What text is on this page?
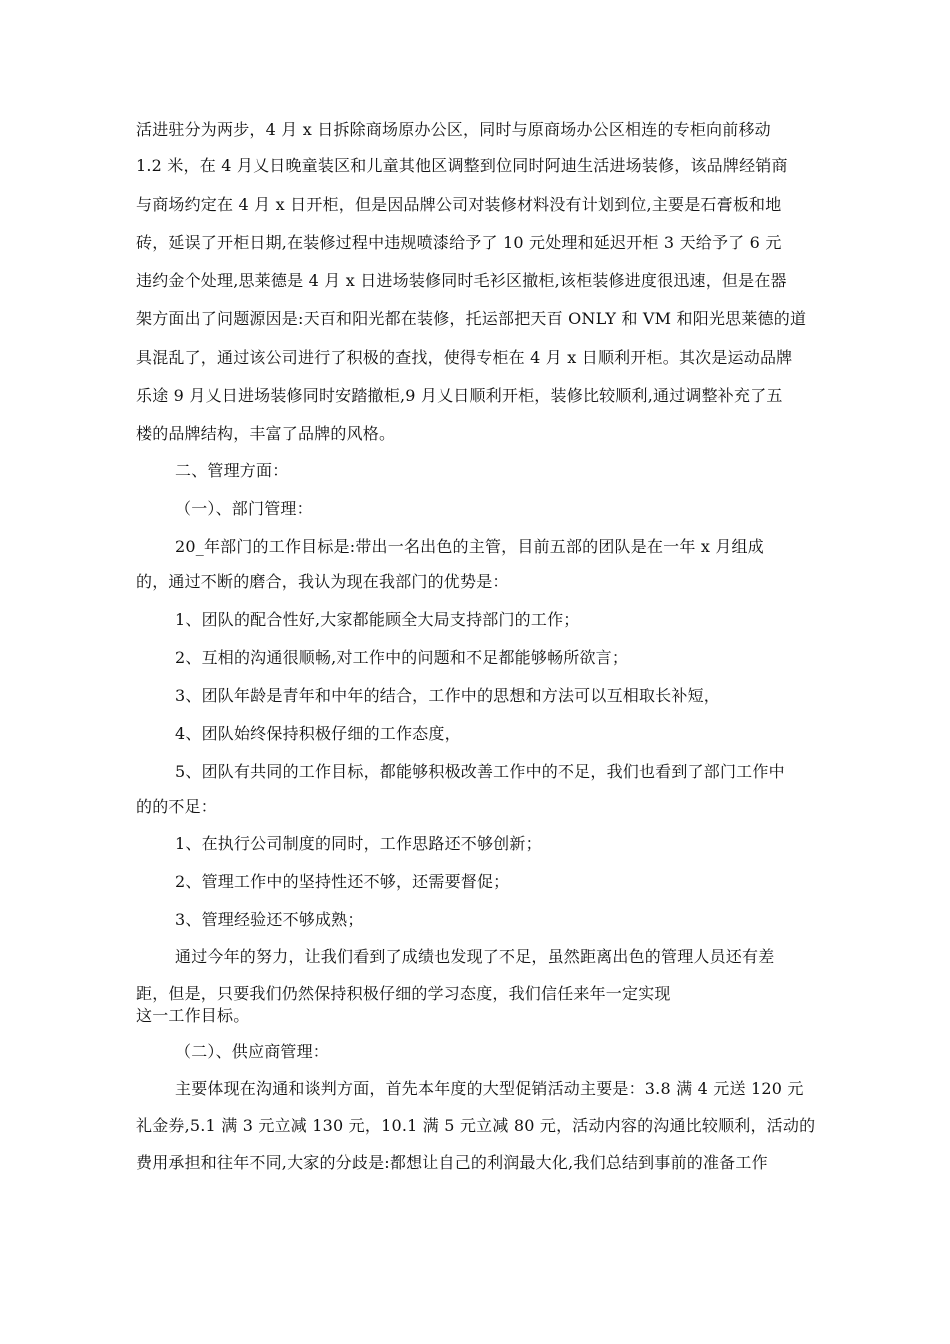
活进驻分为两步，4 月 x 日拆除商场原办公区，同时与原商场办公区相连的专柜向前移动
1.2 米，在 4 月乂日晚童装区和儿童其他区调整到位同时阿迪生活进场装修，该品牌经销商
与商场约定在 4 月 x 日开柜，但是因品牌公司对装修材料没有计划到位,主要是石膏板和地
砖，延误了开柜日期,在装修过程中违规喷漆给予了 10 元处理和延迟开柜 3 天给予了 6 元
违约金个处理,思莱德是 4 月 x 日进场装修同时毛衫区撤柜,该柜装修进度很迅速，但是在器
架方面出了问题源因是:天百和阳光都在装修，托运部把天百 ONLY 和 VM 和阳光思莱德的道
具混乱了，通过该公司进行了积极的查找，使得专柜在 4 月 x 日顺利开柜。其次是运动品牌
乐途 9 月乂日进场装修同时安踏撤柜,9 月乂日顺利开柜，装修比较顺利,通过调整补充了五
楼的品牌结构，丰富了品牌的风格。
二、管理方面：
（一）、部门管理：
20_年部门的工作目标是:带出一名出色的主管，目前五部的团队是在一年 x 月组成
的，通过不断的磨合，我认为现在我部门的优势是：
1、团队的配合性好,大家都能顾全大局支持部门的工作；
2、互相的沟通很顺畅,对工作中的问题和不足都能够畅所欲言；
3、团队年龄是青年和中年的结合，工作中的思想和方法可以互相取长补短，
4、团队始终保持积极仔细的工作态度，
5、团队有共同的工作目标，都能够积极改善工作中的不足，我们也看到了部门工作中
的的不足：
1、在执行公司制度的同时，工作思路还不够创新；
2、管理工作中的坚持性还不够，还需要督促；
3、管理经验还不够成熟；
通过今年的努力，让我们看到了成绩也发现了不足，虽然距离出色的管理人员还有差
距，但是，只要我们仍然保持积极仔细的学习态度，我们信任来年一定实现
这一工作目标。
（二）、供应商管理：
主要体现在沟通和谈判方面，首先本年度的大型促销活动主要是：3.8 满 4 元送 120 元
礼金券,5.1 满 3 元立减 130 元，10.1 满 5 元立减 80 元，活动内容的沟通比较顺利，活动的
费用承担和往年不同,大家的分歧是:都想让自己的利润最大化,我们总结到事前的准备工作
